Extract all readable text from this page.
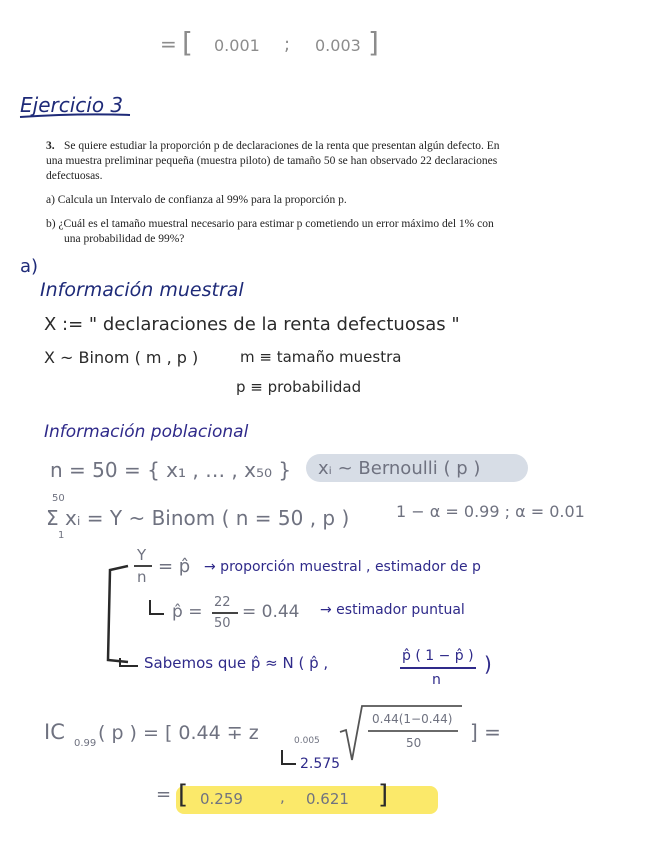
= [ 0.001 ; 0.003 ]
Ejercicio 3
3. Se quiere estudiar la proporción p de declaraciones de la renta que presentan algún defecto. En
una muestra preliminar pequeña (muestra piloto) de tamaño 50 se han observado 22 declaraciones
defectuosas.
a) Calcula un Intervalo de confianza al 99% para la proporción p.
b) ¿Cuál es el tamaño muestral necesario para estimar p cometiendo un error máximo del 1% con
una probabilidad de 99%?
a)
Información muestral
X := " declaraciones de la renta defectuosas "
X ~ Binom ( m , p )	m ≡ tamaño muestra
p ≡ probabilidad
Información poblacional
n = 50 = { x₁ , … , x₅₀ } xᵢ ~ Bernoulli ( p )
50
Σ xᵢ = Y ~ Binom ( n = 50 , p )
1
1 − α = 0.99 ; α = 0.01
Y
n = p̂ → proporción muestral , estimador de p
p̂ = 22
50
= 0.44 → estimador puntual
Sabemos que p̂ ≈ N ( p̂ ,	p̂ ( 1 − p̂ )
n
)
IC 0.99 ( p ) = [ 0.44 ∓ z	0.005
0.44(1−0.44)
50 ] =
2.575
= [ 0.259 , 0.621 ]
